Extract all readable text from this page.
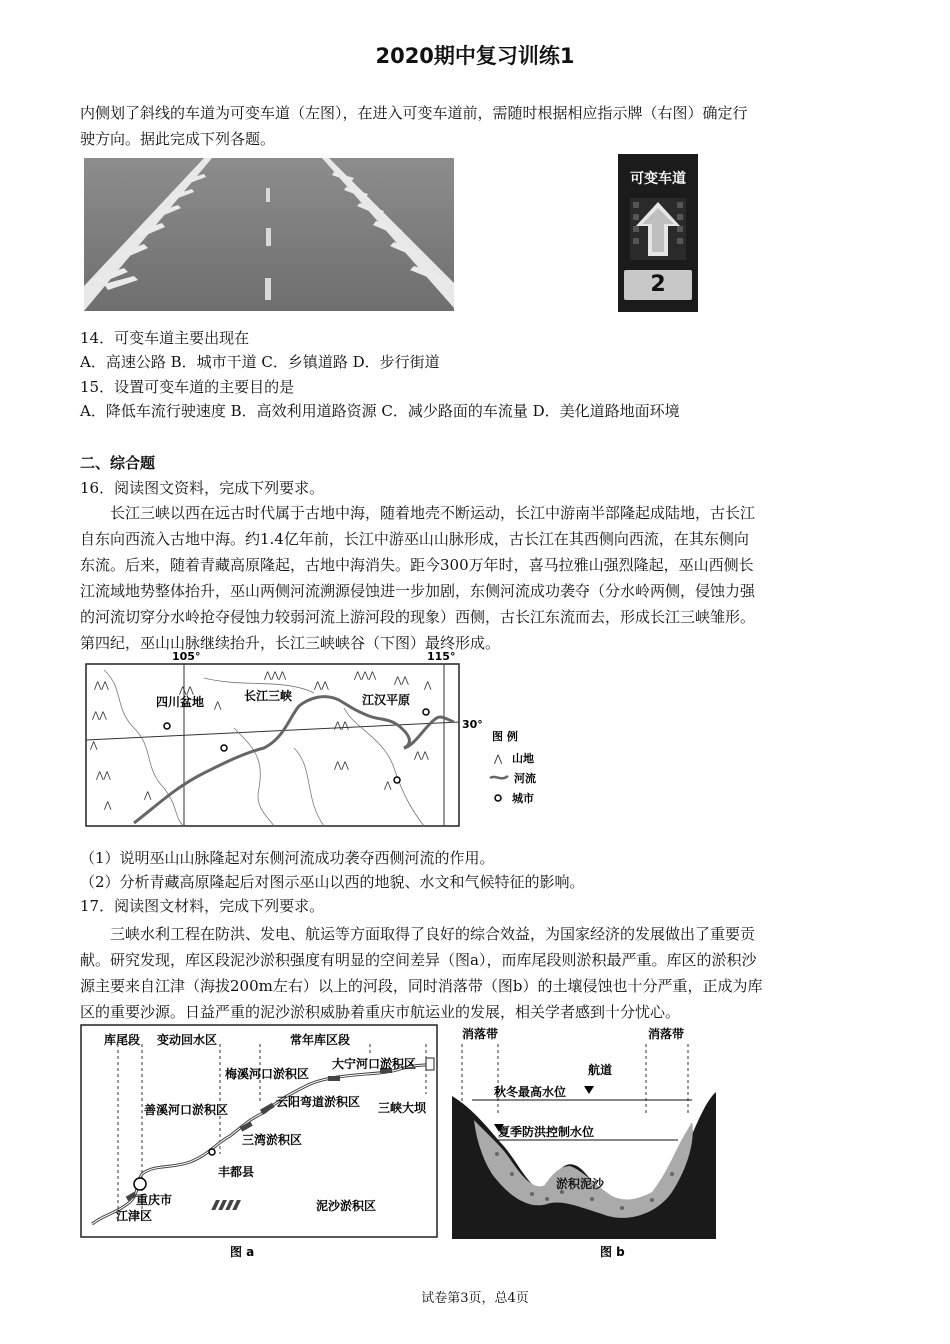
2020期中复习训练1
内侧划了斜线的车道为可变车道（左图），在进入可变车道前，需随时根据相应指示牌（右图）确定行
驶方向。据此完成下列各题。
可变车道
2
14．可变车道主要出现在
A．高速公路 B．城市干道 C．乡镇道路 D．步行街道
15．设置可变车道的主要目的是
A．降低车流行驶速度 B．高效利用道路资源 C．减少路面的车流量 D．美化道路地面环境
二、综合题
16．阅读图文资料，完成下列要求。
长江三峡以西在远古时代属于古地中海，随着地壳不断运动，长江中游南半部隆起成陆地，古长江
自东向西流入古地中海。约1.4亿年前，长江中游巫山山脉形成，古长江在其西侧向西流，在其东侧向
东流。后来，随着青藏高原隆起，古地中海消失。距今300万年时，喜马拉雅山强烈隆起，巫山西侧长
江流域地势整体抬升，巫山两侧河流溯源侵蚀进一步加剧，东侧河流成功袭夺（分水岭两侧，侵蚀力强
的河流切穿分水岭抢夺侵蚀力较弱河流上游河段的现象）西侧，古长江东流而去，形成长江三峡雏形。
第四纪，巫山山脉继续抬升，长江三峡峡谷（下图）最终形成。
105°	115°
30°
⋀⋀
⋀⋀
⋀
⋀⋀
⋀
⋀
⋀⋀⋀
⋀⋀
⋀⋀⋀
⋀⋀
⋀⋀ ⋀
⋀⋀
⋀
⋀⋀
⋀
⋀⋀
四川盆地	长江三峡	江汉平原
图 例
⋀ 山地
河流
城市
（1）说明巫山山脉隆起对东侧河流成功袭夺西侧河流的作用。
（2）分析青藏高原隆起后对图示巫山以西的地貌、水文和气候特征的影响。
17．阅读图文材料，完成下列要求。
三峡水利工程在防洪、发电、航运等方面取得了良好的综合效益，为国家经济的发展做出了重要贡
献。研究发现，库区段泥沙淤积强度有明显的空间差异（图a），而库尾段则淤积最严重。库区的淤积沙
源主要来自江津（海拔200m左右）以上的河段，同时消落带（图b）的土壤侵蚀也十分严重，正成为库
区的重要沙源。日益严重的泥沙淤积威胁着重庆市航运业的发展，相关学者感到十分忧心。
库尾段 变动回水区	常年库区段
梅溪河口淤积区
大宁河口淤积区
善溪河口淤积区
云阳弯道淤积区 三峡大坝
三湾淤积区
丰都县
重庆市
江津区
泥沙淤积区
图 a
消落带	消落带
航道
秋冬最高水位
夏季防洪控制水位
淤积泥沙
图 b
试卷第3页，总4页
